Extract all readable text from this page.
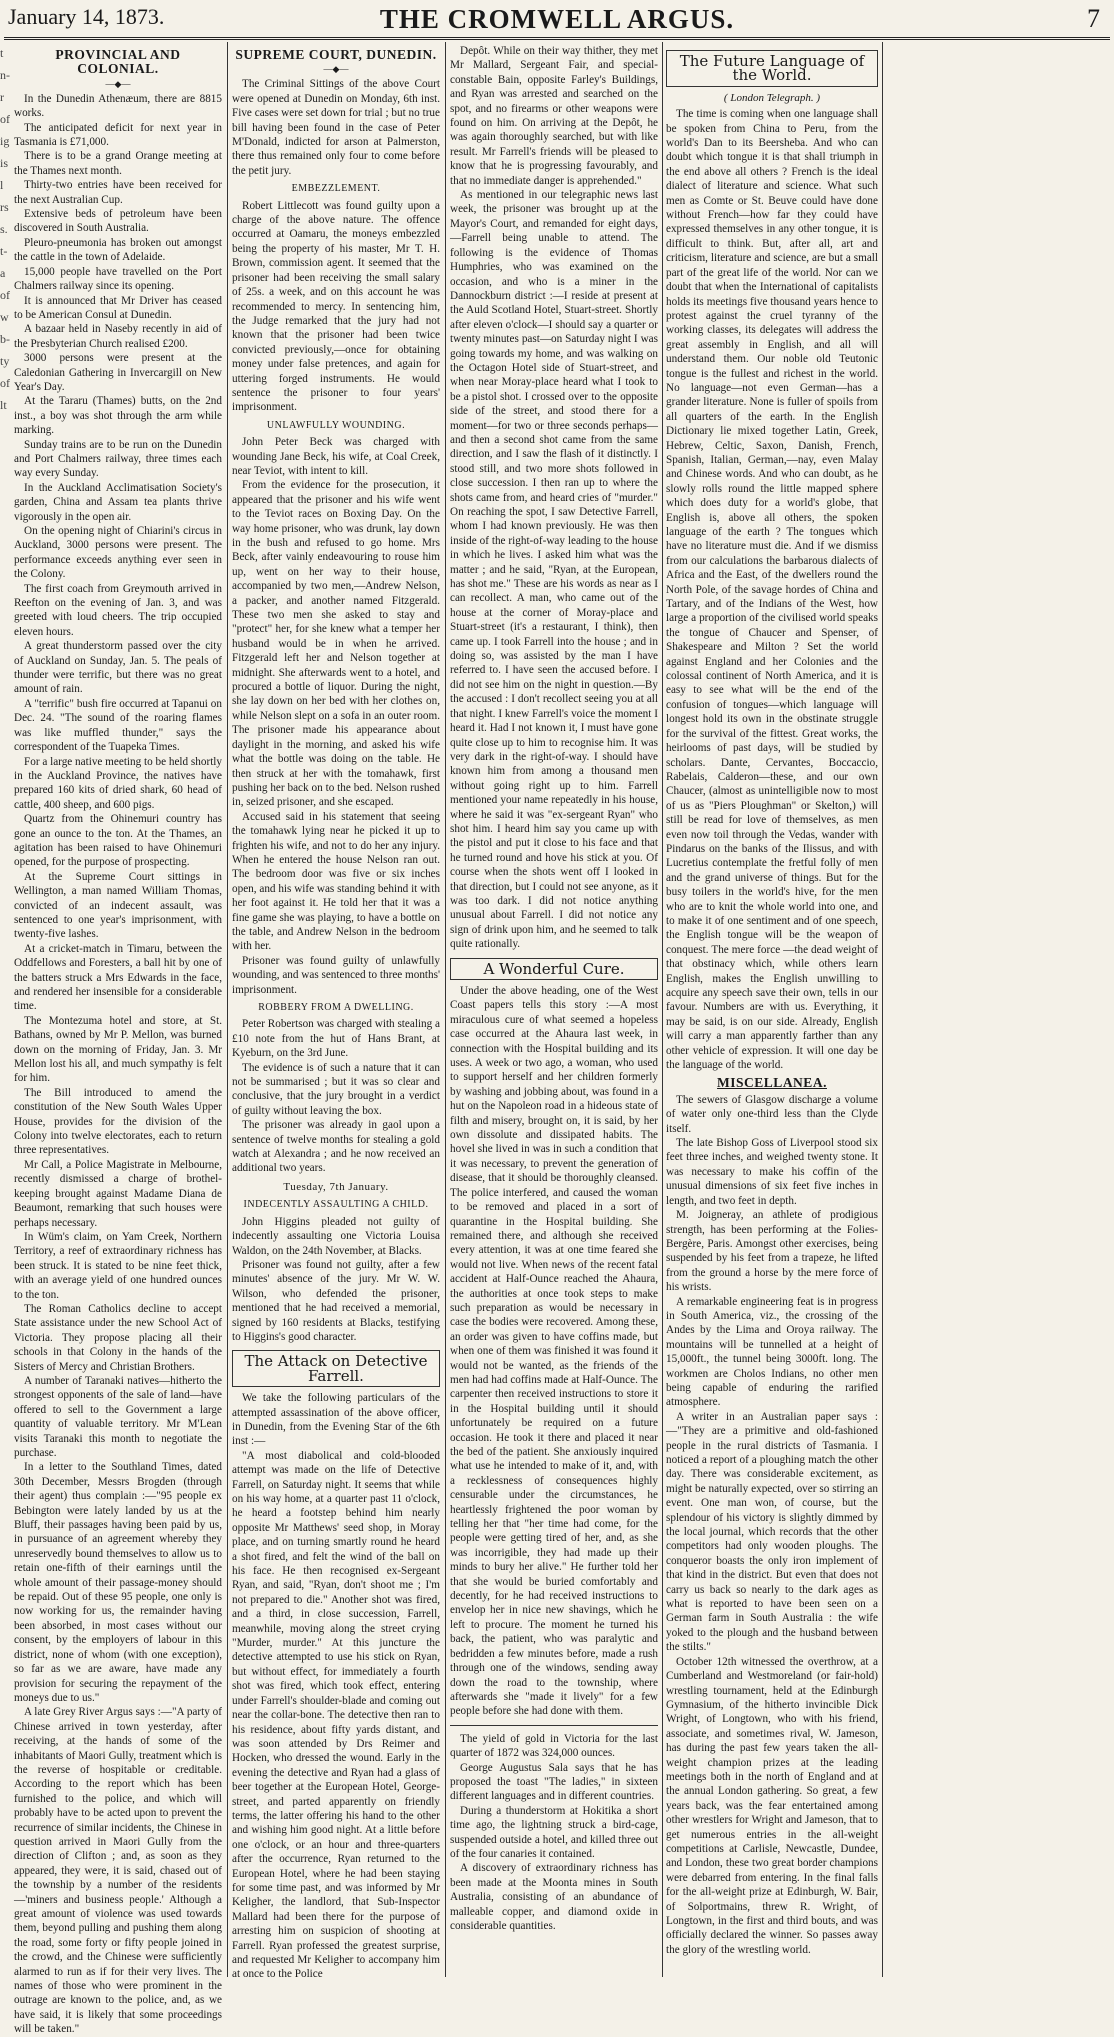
January 14, 1873.	THE CROMWELL ARGUS.	7
t
n-
r
of
ig
is
l
rs
s.
t-
a
of
w
b-
ty
of
lt
PROVINCIAL AND COLONIAL.
—◆—

In the Dunedin Athenæum, there are 8815 works.

The anticipated deficit for next year in Tasmania is £71,000.

There is to be a grand Orange meeting at the Thames next month.

Thirty-two entries have been received for the next Australian Cup.

Extensive beds of petroleum have been discovered in South Australia.

Pleuro-pneumonia has broken out amongst the cattle in the town of Adelaide.

15,000 people have travelled on the Port Chalmers railway since its opening.

It is announced that Mr Driver has ceased to be American Consul at Dunedin.

A bazaar held in Naseby recently in aid of the Presbyterian Church realised £200.

3000 persons were present at the Caledonian Gathering in Invercargill on New Year's Day.

At the Tararu (Thames) butts, on the 2nd inst., a boy was shot through the arm while marking.

Sunday trains are to be run on the Dunedin and Port Chalmers railway, three times each way every Sunday.

In the Auckland Acclimatisation Society's garden, China and Assam tea plants thrive vigorously in the open air.

On the opening night of Chiarini's circus in Auckland, 3000 persons were present. The performance exceeds anything ever seen in the Colony.

The first coach from Greymouth arrived in Reefton on the evening of Jan. 3, and was greeted with loud cheers. The trip occupied eleven hours.

A great thunderstorm passed over the city of Auckland on Sunday, Jan. 5. The peals of thunder were terrific, but there was no great amount of rain.

A "terrific" bush fire occurred at Tapanui on Dec. 24. "The sound of the roaring flames was like muffled thunder," says the correspondent of the Tuapeka Times.

For a large native meeting to be held shortly in the Auckland Province, the natives have prepared 160 kits of dried shark, 60 head of cattle, 400 sheep, and 600 pigs.

Quartz from the Ohinemuri country has gone an ounce to the ton. At the Thames, an agitation has been raised to have Ohinemuri opened, for the purpose of prospecting.

At the Supreme Court sittings in Wellington, a man named William Thomas, convicted of an indecent assault, was sentenced to one year's imprisonment, with twenty-five lashes.

At a cricket-match in Timaru, between the Oddfellows and Foresters, a ball hit by one of the batters struck a Mrs Edwards in the face, and rendered her insensible for a considerable time.

The Montezuma hotel and store, at St. Bathans, owned by Mr P. Mellon, was burned down on the morning of Friday, Jan. 3. Mr Mellon lost his all, and much sympathy is felt for him.

The Bill introduced to amend the constitution of the New South Wales Upper House, provides for the division of the Colony into twelve electorates, each to return three representatives.

Mr Call, a Police Magistrate in Melbourne, recently dismissed a charge of brothel-keeping brought against Madame Diana de Beaumont, remarking that such houses were perhaps necessary.

In Wüm's claim, on Yam Creek, Northern Territory, a reef of extraordinary richness has been struck. It is stated to be nine feet thick, with an average yield of one hundred ounces to the ton.

The Roman Catholics decline to accept State assistance under the new School Act of Victoria. They propose placing all their schools in that Colony in the hands of the Sisters of Mercy and Christian Brothers.

A number of Taranaki natives—hitherto the strongest opponents of the sale of land—have offered to sell to the Government a large quantity of valuable territory. Mr M'Lean visits Taranaki this month to negotiate the purchase.

In a letter to the Southland Times, dated 30th December, Messrs Brogden (through their agent) thus complain :—"95 people ex Bebington were lately landed by us at the Bluff, their passages having been paid by us, in pursuance of an agreement whereby they unreservedly bound themselves to allow us to retain one-fifth of their earnings until the whole amount of their passage-money should be repaid. Out of these 95 people, one only is now working for us, the remainder having been absorbed, in most cases without our consent, by the employers of labour in this district, none of whom (with one exception), so far as we are aware, have made any provision for securing the repayment of the moneys due to us."

A late Grey River Argus says :—"A party of Chinese arrived in town yesterday, after receiving, at the hands of some of the inhabitants of Maori Gully, treatment which is the reverse of hospitable or creditable. According to the report which has been furnished to the police, and which will probably have to be acted upon to prevent the recurrence of similar incidents, the Chinese in question arrived in Maori Gully from the direction of Clifton ; and, as soon as they appeared, they were, it is said, chased out of the township by a number of the residents—'miners and business people.' Although a great amount of violence was used towards them, beyond pulling and pushing them along the road, some forty or fifty people joined in the crowd, and the Chinese were sufficiently alarmed to run as if for their very lives. The names of those who were prominent in the outrage are known to the police, and, as we have said, it is likely that some proceedings will be taken."

SUPREME COURT, DUNEDIN.
—◆—

The Criminal Sittings of the above Court were opened at Dunedin on Monday, 6th inst. Five cases were set down for trial ; but no true bill having been found in the case of Peter M'Donald, indicted for arson at Palmerston, there thus remained only four to come before the petit jury.

EMBEZZLEMENT.

Robert Littlecott was found guilty upon a charge of the above nature. The offence occurred at Oamaru, the moneys embezzled being the property of his master, Mr T. H. Brown, commission agent. It seemed that the prisoner had been receiving the small salary of 25s. a week, and on this account he was recommended to mercy. In sentencing him, the Judge remarked that the jury had not known that the prisoner had been twice convicted previously,—once for obtaining money under false pretences, and again for uttering forged instruments. He would sentence the prisoner to four years' imprisonment.

UNLAWFULLY WOUNDING.

John Peter Beck was charged with wounding Jane Beck, his wife, at Coal Creek, near Teviot, with intent to kill.

From the evidence for the prosecution, it appeared that the prisoner and his wife went to the Teviot races on Boxing Day. On the way home prisoner, who was drunk, lay down in the bush and refused to go home. Mrs Beck, after vainly endeavouring to rouse him up, went on her way to their house, accompanied by two men,—Andrew Nelson, a packer, and another named Fitzgerald. These two men she asked to stay and "protect" her, for she knew what a temper her husband would be in when he arrived. Fitzgerald left her and Nelson together at midnight. She afterwards went to a hotel, and procured a bottle of liquor. During the night, she lay down on her bed with her clothes on, while Nelson slept on a sofa in an outer room. The prisoner made his appearance about daylight in the morning, and asked his wife what the bottle was doing on the table. He then struck at her with the tomahawk, first pushing her back on to the bed. Nelson rushed in, seized prisoner, and she escaped.

Accused said in his statement that seeing the tomahawk lying near he picked it up to frighten his wife, and not to do her any injury. When he entered the house Nelson ran out. The bedroom door was five or six inches open, and his wife was standing behind it with her foot against it. He told her that it was a fine game she was playing, to have a bottle on the table, and Andrew Nelson in the bedroom with her.

Prisoner was found guilty of unlawfully wounding, and was sentenced to three months' imprisonment.

ROBBERY FROM A DWELLING.

Peter Robertson was charged with stealing a £10 note from the hut of Hans Brant, at Kyeburn, on the 3rd June.

The evidence is of such a nature that it can not be summarised ; but it was so clear and conclusive, that the jury brought in a verdict of guilty without leaving the box.

The prisoner was already in gaol upon a sentence of twelve months for stealing a gold watch at Alexandra ; and he now received an additional two years.

Tuesday, 7th January.
INDECENTLY ASSAULTING A CHILD.

John Higgins pleaded not guilty of indecently assaulting one Victoria Louisa Waldon, on the 24th November, at Blacks.

Prisoner was found not guilty, after a few minutes' absence of the jury. Mr W. W. Wilson, who defended the prisoner, mentioned that he had received a memorial, signed by 160 residents at Blacks, testifying to Higgins's good character.

The Attack on Detective Farrell.

We take the following particulars of the attempted assassination of the above officer, in Dunedin, from the Evening Star of the 6th inst :—

"A most diabolical and cold-blooded attempt was made on the life of Detective Farrell, on Saturday night. It seems that while on his way home, at a quarter past 11 o'clock, he heard a footstep behind him nearly opposite Mr Matthews' seed shop, in Moray place, and on turning smartly round he heard a shot fired, and felt the wind of the ball on his face. He then recognised ex-Sergeant Ryan, and said, "Ryan, don't shoot me ; I'm not prepared to die." Another shot was fired, and a third, in close succession, Farrell, meanwhile, moving along the street crying "Murder, murder." At this juncture the detective attempted to use his stick on Ryan, but without effect, for immediately a fourth shot was fired, which took effect, entering under Farrell's shoulder-blade and coming out near the collar-bone. The detective then ran to his residence, about fifty yards distant, and was soon attended by Drs Reimer and Hocken, who dressed the wound. Early in the evening the detective and Ryan had a glass of beer together at the European Hotel, George-street, and parted apparently on friendly terms, the latter offering his hand to the other and wishing him good night. At a little before one o'clock, or an hour and three-quarters after the occurrence, Ryan returned to the European Hotel, where he had been staying for some time past, and was informed by Mr Keligher, the landlord, that Sub-Inspector Mallard had been there for the purpose of arresting him on suspicion of shooting at Farrell. Ryan professed the greatest surprise, and requested Mr Keligher to accompany him at once to the Police

Depôt. While on their way thither, they met Mr Mallard, Sergeant Fair, and special-constable Bain, opposite Farley's Buildings, and Ryan was arrested and searched on the spot, and no firearms or other weapons were found on him. On arriving at the Depôt, he was again thoroughly searched, but with like result. Mr Farrell's friends will be pleased to know that he is progressing favourably, and that no immediate danger is apprehended."

As mentioned in our telegraphic news last week, the prisoner was brought up at the Mayor's Court, and remanded for eight days, —Farrell being unable to attend. The following is the evidence of Thomas Humphries, who was examined on the occasion, and who is a miner in the Dannockburn district :—I reside at present at the Auld Scotland Hotel, Stuart-street. Shortly after eleven o'clock—I should say a quarter or twenty minutes past—on Saturday night I was going towards my home, and was walking on the Octagon Hotel side of Stuart-street, and when near Moray-place heard what I took to be a pistol shot. I crossed over to the opposite side of the street, and stood there for a moment—for two or three seconds perhaps—and then a second shot came from the same direction, and I saw the flash of it distinctly. I stood still, and two more shots followed in close succession. I then ran up to where the shots came from, and heard cries of "murder." On reaching the spot, I saw Detective Farrell, whom I had known previously. He was then inside of the right-of-way leading to the house in which he lives. I asked him what was the matter ; and he said, "Ryan, at the European, has shot me." These are his words as near as I can recollect. A man, who came out of the house at the corner of Moray-place and Stuart-street (it's a restaurant, I think), then came up. I took Farrell into the house ; and in doing so, was assisted by the man I have referred to. I have seen the accused before. I did not see him on the night in question.—By the accused : I don't recollect seeing you at all that night. I knew Farrell's voice the moment I heard it. Had I not known it, I must have gone quite close up to him to recognise him. It was very dark in the right-of-way. I should have known him from among a thousand men without going right up to him. Farrell mentioned your name repeatedly in his house, where he said it was "ex-sergeant Ryan" who shot him. I heard him say you came up with the pistol and put it close to his face and that he turned round and hove his stick at you. Of course when the shots went off I looked in that direction, but I could not see anyone, as it was too dark. I did not notice anything unusual about Farrell. I did not notice any sign of drink upon him, and he seemed to talk quite rationally.

A Wonderful Cure.

Under the above heading, one of the West Coast papers tells this story :—A most miraculous cure of what seemed a hopeless case occurred at the Ahaura last week, in connection with the Hospital building and its uses. A week or two ago, a woman, who used to support herself and her children formerly by washing and jobbing about, was found in a hut on the Napoleon road in a hideous state of filth and misery, brought on, it is said, by her own dissolute and dissipated habits. The hovel she lived in was in such a condition that it was necessary, to prevent the generation of disease, that it should be thoroughly cleansed. The police interfered, and caused the woman to be removed and placed in a sort of quarantine in the Hospital building. She remained there, and although she received every attention, it was at one time feared she would not live. When news of the recent fatal accident at Half-Ounce reached the Ahaura, the authorities at once took steps to make such preparation as would be necessary in case the bodies were recovered. Among these, an order was given to have coffins made, but when one of them was finished it was found it would not be wanted, as the friends of the men had had coffins made at Half-Ounce. The carpenter then received instructions to store it in the Hospital building until it should unfortunately be required on a future occasion. He took it there and placed it near the bed of the patient. She anxiously inquired what use he intended to make of it, and, with a recklessness of consequences highly censurable under the circumstances, he heartlessly frightened the poor woman by telling her that "her time had come, for the people were getting tired of her, and, as she was incorrigible, they had made up their minds to bury her alive." He further told her that she would be buried comfortably and decently, for he had received instructions to envelop her in nice new shavings, which he left to procure. The moment he turned his back, the patient, who was paralytic and bedridden a few minutes before, made a rush through one of the windows, sending away down the road to the township, where afterwards she "made it lively" for a few people before she had done with them.

The yield of gold in Victoria for the last quarter of 1872 was 324,000 ounces.

George Augustus Sala says that he has proposed the toast "The ladies," in sixteen different languages and in different countries.

During a thunderstorm at Hokitika a short time ago, the lightning struck a bird-cage, suspended outside a hotel, and killed three out of the four canaries it contained.

A discovery of extraordinary richness has been made at the Moonta mines in South Australia, consisting of an abundance of malleable copper, and diamond oxide in considerable quantities.

The Future Language of the World.
( London Telegraph. )

The time is coming when one language shall be spoken from China to Peru, from the world's Dan to its Beersheba. And who can doubt which tongue it is that shall triumph in the end above all others ? French is the ideal dialect of literature and science. What such men as Comte or St. Beuve could have done without French—how far they could have expressed themselves in any other tongue, it is difficult to think. But, after all, art and criticism, literature and science, are but a small part of the great life of the world. Nor can we doubt that when the International of capitalists holds its meetings five thousand years hence to protest against the cruel tyranny of the working classes, its delegates will address the great assembly in English, and all will understand them. Our noble old Teutonic tongue is the fullest and richest in the world. No language—not even German—has a grander literature. None is fuller of spoils from all quarters of the earth. In the English Dictionary lie mixed together Latin, Greek, Hebrew, Celtic, Saxon, Danish, French, Spanish, Italian, German,—nay, even Malay and Chinese words. And who can doubt, as he slowly rolls round the little mapped sphere which does duty for a world's globe, that English is, above all others, the spoken language of the earth ? The tongues which have no literature must die. And if we dismiss from our calculations the barbarous dialects of Africa and the East, of the dwellers round the North Pole, of the savage hordes of China and Tartary, and of the Indians of the West, how large a proportion of the civilised world speaks the tongue of Chaucer and Spenser, of Shakespeare and Milton ? Set the world against England and her Colonies and the colossal continent of North America, and it is easy to see what will be the end of the confusion of tongues—which language will longest hold its own in the obstinate struggle for the survival of the fittest. Great works, the heirlooms of past days, will be studied by scholars. Dante, Cervantes, Boccaccio, Rabelais, Calderon—these, and our own Chaucer, (almost as unintelligible now to most of us as "Piers Ploughman" or Skelton,) will still be read for love of themselves, as men even now toil through the Vedas, wander with Pindarus on the banks of the Ilissus, and with Lucretius contemplate the fretful folly of men and the grand universe of things. But for the busy toilers in the world's hive, for the men who are to knit the whole world into one, and to make it of one sentiment and of one speech, the English tongue will be the weapon of conquest. The mere force —the dead weight of that obstinacy which, while others learn English, makes the English unwilling to acquire any speech save their own, tells in our favour. Numbers are with us. Everything, it may be said, is on our side. Already, English will carry a man apparently farther than any other vehicle of expression. It will one day be the language of the world.

MISCELLANEA.

The sewers of Glasgow discharge a volume of water only one-third less than the Clyde itself.

The late Bishop Goss of Liverpool stood six feet three inches, and weighed twenty stone. It was necessary to make his coffin of the unusual dimensions of six feet five inches in length, and two feet in depth.

M. Joigneray, an athlete of prodigious strength, has been performing at the Folies-Bergère, Paris. Amongst other exercises, being suspended by his feet from a trapeze, he lifted from the ground a horse by the mere force of his wrists.

A remarkable engineering feat is in progress in South America, viz., the crossing of the Andes by the Lima and Oroya railway. The mountains will be tunnelled at a height of 15,000ft., the tunnel being 3000ft. long. The workmen are Cholos Indians, no other men being capable of enduring the rarified atmosphere.

A writer in an Australian paper says :—"They are a primitive and old-fashioned people in the rural districts of Tasmania. I noticed a report of a ploughing match the other day. There was considerable excitement, as might be naturally expected, over so stirring an event. One man won, of course, but the splendour of his victory is slightly dimmed by the local journal, which records that the other competitors had only wooden ploughs. The conqueror boasts the only iron implement of that kind in the district. But even that does not carry us back so nearly to the dark ages as what is reported to have been seen on a German farm in South Australia : the wife yoked to the plough and the husband between the stilts."

October 12th witnessed the overthrow, at a Cumberland and Westmoreland (or fair-hold) wrestling tournament, held at the Edinburgh Gymnasium, of the hitherto invincible Dick Wright, of Longtown, who with his friend, associate, and sometimes rival, W. Jameson, has during the past few years taken the all-weight champion prizes at the leading meetings both in the north of England and at the annual London gathering. So great, a few years back, was the fear entertained among other wrestlers for Wright and Jameson, that to get numerous entries in the all-weight competitions at Carlisle, Newcastle, Dundee, and London, these two great border champions were debarred from entering. In the final falls for the all-weight prize at Edinburgh, W. Bair, of Solportmains, threw R. Wright, of Longtown, in the first and third bouts, and was officially declared the winner. So passes away the glory of the wrestling world.
